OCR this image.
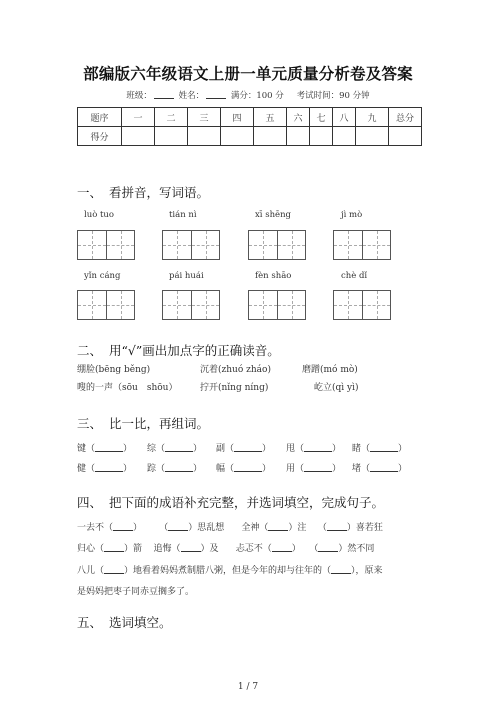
部编版六年级语文上册一单元质量分析卷及答案
班级：	姓名：	满分：100 分 考试时间：90 分钟
题序	一	二	三	四	五	六	七	八	九	总分
得分										
一、 看拼音，写词语。
luò tuo	tián nì	xī shēng	jì mò
yǐn cáng	pái huái	fèn shāo	chè dǐ
二、 用“√”画出加点字的正确读音。
绷脸(bēng běng)	沉着(zhuó zháo)	磨蹭(mó mò)
嗖的一声（sōu　shōu）	拧开(nǐng níng)	屹立(qì yì)
三、 比一比，再组词。
键（	） 综（	） 副（	） 甩（	） 睹（	）
健（	） 踪（	） 幅（	） 用（	） 堵（	）
四、 把下面的成语补充完整，并选词填空，完成句子。
一去不（ ） （ ）思乱想 全神（ ）注 （ ）喜若狂
归心（ ）箭 追悔（ ）及 忐忑不（ ） （ ）然不同
八儿（ ）地看着妈妈煮制腊八粥，但是今年的却与往年的（ ），原来
是妈妈把枣子同赤豆搁多了。
五、 选词填空。
1 / 7
